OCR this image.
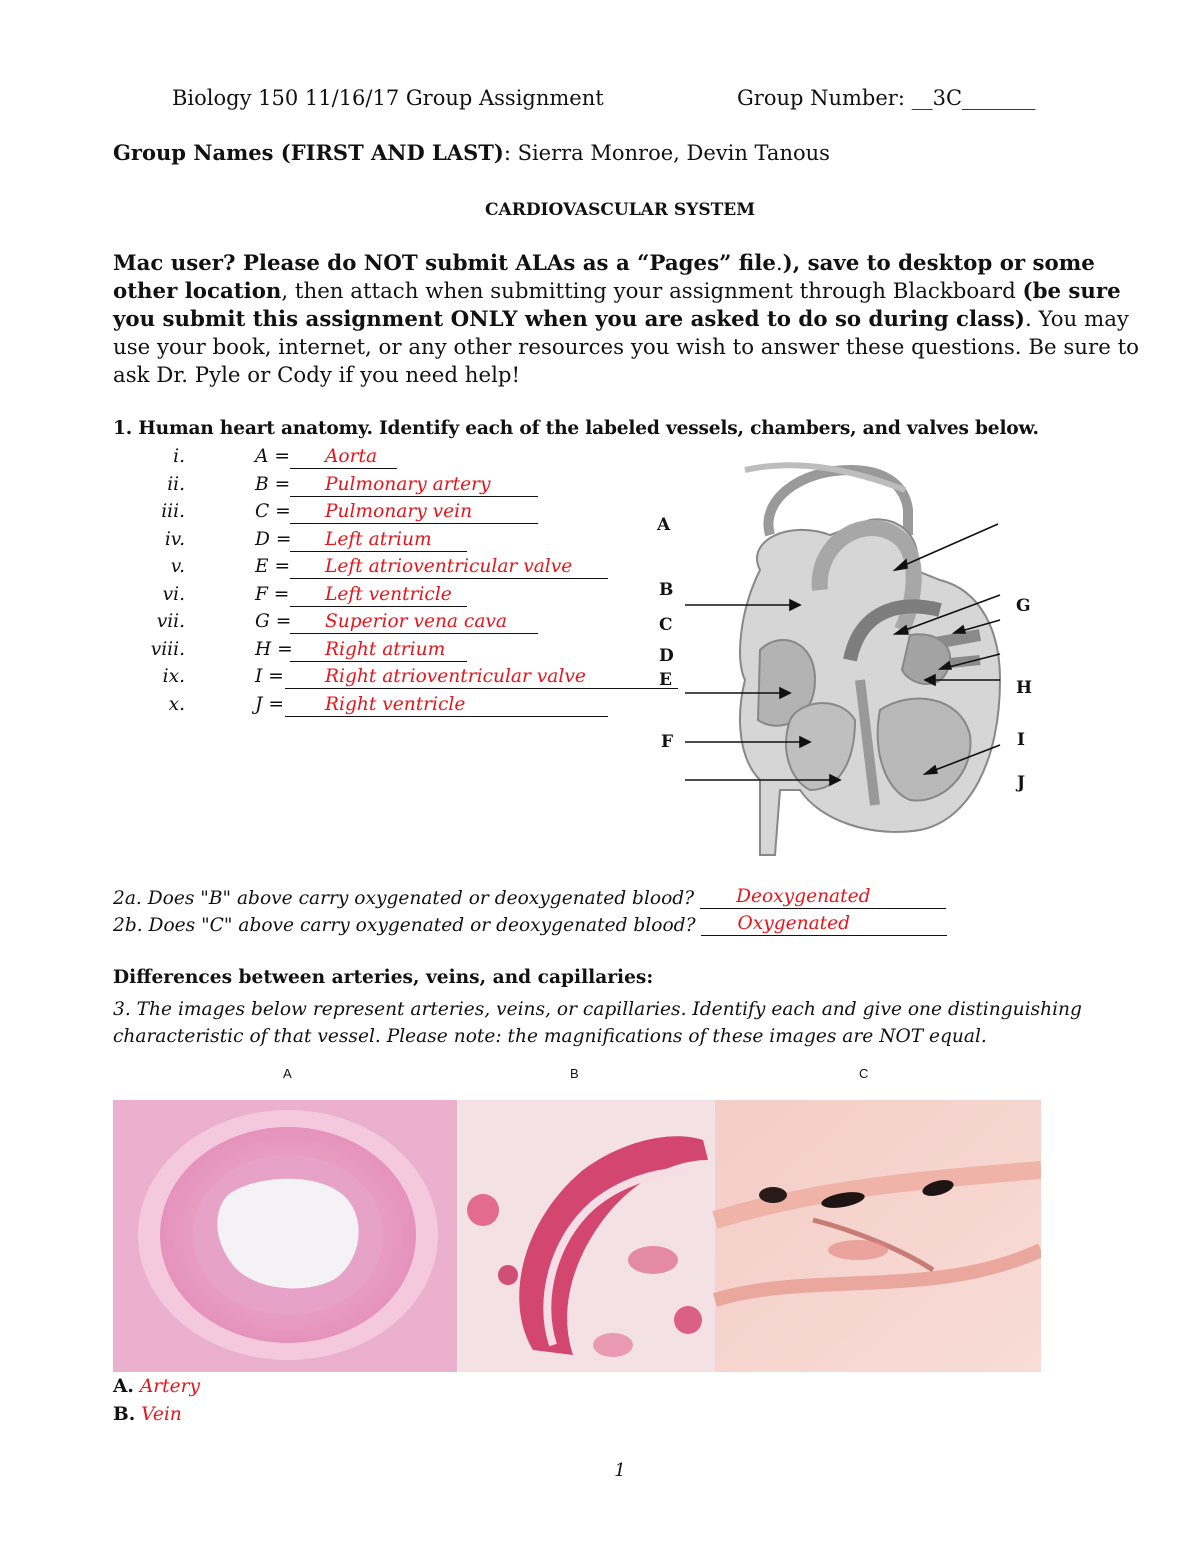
Biology 150 11/16/17 Group Assignment	Group Number: __3C_______
Group Names (FIRST AND LAST): Sierra Monroe, Devin Tanous
CARDIOVASCULAR SYSTEM
Mac user? Please do NOT submit ALAs as a “Pages” file.), save to desktop or some other location, then attach when submitting your assignment through Blackboard (be sure you submit this assignment ONLY when you are asked to do so during class). You may use your book, internet, or any other resources you wish to answer these questions. Be sure to ask Dr. Pyle or Cody if you need help!
1. Human heart anatomy. Identify each of the labeled vessels, chambers, and valves below.
i.	A = Aorta
ii.	B = Pulmonary artery
iii.	C = Pulmonary vein
iv.	D = Left atrium
v.	E = Left atrioventricular valve
vi.	F = Left ventricle
vii.	G = Superior vena cava
viii.	H = Right atrium
ix.	I = Right atrioventricular valve
x.	J = Right ventricle
A
B
C
D
E
F
G
H
I
J
2a. Does "B" above carry oxygenated or deoxygenated blood? Deoxygenated
2b. Does "C" above carry oxygenated or deoxygenated blood? Oxygenated
Differences between arteries, veins, and capillaries:
3. The images below represent arteries, veins, or capillaries. Identify each and give one distinguishing characteristic of that vessel. Please note: the magnifications of these images are NOT equal.
A	B	C
A. Artery
B. Vein
1
